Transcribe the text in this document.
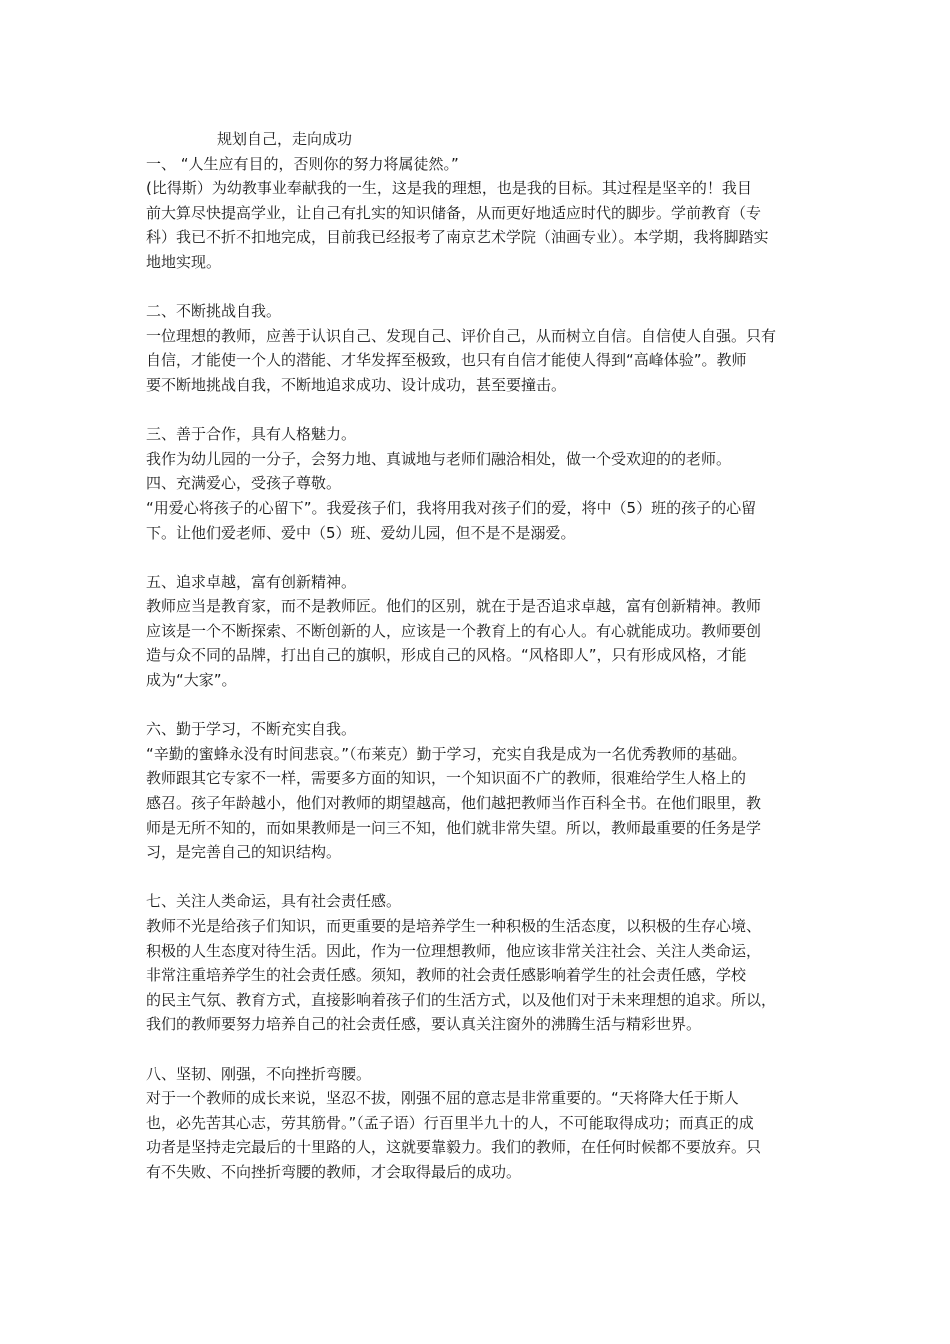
规划自己，走向成功
一、 “人生应有目的，否则你的努力将属徒然。”
(比得斯）为幼教事业奉献我的一生，这是我的理想，也是我的目标。其过程是坚辛的！我目
前大算尽快提高学业，让自己有扎实的知识储备，从而更好地适应时代的脚步。学前教育（专
科）我已不折不扣地完成，目前我已经报考了南京艺术学院（油画专业）。本学期，我将脚踏实
地地实现。
二、不断挑战自我。
一位理想的教师，应善于认识自己、发现自己、评价自己，从而树立自信。自信使人自强。只有
自信，才能使一个人的潜能、才华发挥至极致，也只有自信才能使人得到“高峰体验”。教师
要不断地挑战自我，不断地追求成功、设计成功，甚至要撞击。
三、善于合作，具有人格魅力。
我作为幼儿园的一分子，会努力地、真诚地与老师们融洽相处，做一个受欢迎的的老师。
四、充满爱心，受孩子尊敬。
“用爱心将孩子的心留下”。我爱孩子们，我将用我对孩子们的爱，将中（5）班的孩子的心留
下。让他们爱老师、爱中（5）班、爱幼儿园，但不是不是溺爱。
五、追求卓越，富有创新精神。
教师应当是教育家，而不是教师匠。他们的区别，就在于是否追求卓越，富有创新精神。教师
应该是一个不断探索、不断创新的人，应该是一个教育上的有心人。有心就能成功。教师要创
造与众不同的品牌，打出自己的旗帜，形成自己的风格。“风格即人”，只有形成风格，才能
成为“大家”。
六、勤于学习，不断充实自我。
“辛勤的蜜蜂永没有时间悲哀。”（布莱克）勤于学习，充实自我是成为一名优秀教师的基础。
教师跟其它专家不一样，需要多方面的知识，一个知识面不广的教师，很难给学生人格上的
感召。孩子年龄越小，他们对教师的期望越高，他们越把教师当作百科全书。在他们眼里，教
师是无所不知的，而如果教师是一问三不知，他们就非常失望。所以，教师最重要的任务是学
习，是完善自己的知识结构。
七、关注人类命运，具有社会责任感。
教师不光是给孩子们知识，而更重要的是培养学生一种积极的生活态度，以积极的生存心境、
积极的人生态度对待生活。因此，作为一位理想教师，他应该非常关注社会、关注人类命运，
非常注重培养学生的社会责任感。须知，教师的社会责任感影响着学生的社会责任感，学校
的民主气氛、教育方式，直接影响着孩子们的生活方式，以及他们对于未来理想的追求。所以，
我们的教师要努力培养自己的社会责任感，要认真关注窗外的沸腾生活与精彩世界。
八、坚韧、刚强，不向挫折弯腰。
对于一个教师的成长来说，坚忍不拔，刚强不屈的意志是非常重要的。“天将降大任于斯人
也，必先苦其心志，劳其筋骨。”（孟子语）行百里半九十的人，不可能取得成功；而真正的成
功者是坚持走完最后的十里路的人，这就要靠毅力。我们的教师，在任何时候都不要放弃。只
有不失败、不向挫折弯腰的教师，才会取得最后的成功。
